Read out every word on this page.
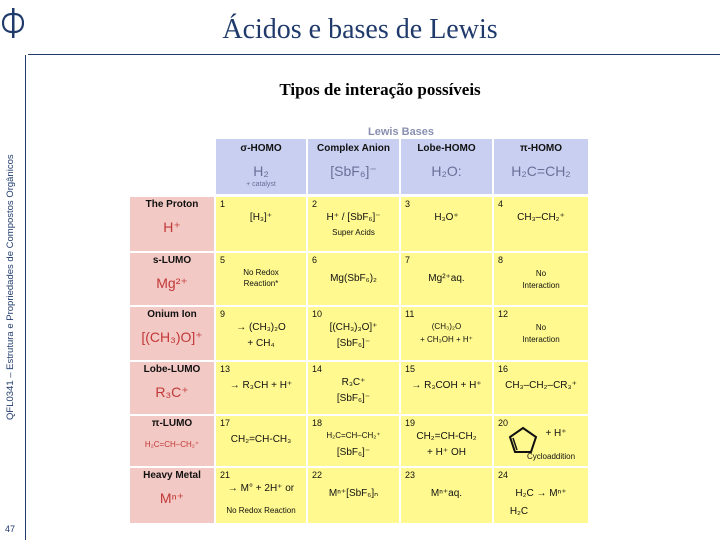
QFL0341 – Estrutura e Propriedades de Compostos Orgânicos
47
Ácidos e bases de Lewis
Tipos de interação possíveis
Lewis Bases
σ-HOMO
H₂
+ catalyst
Complex Anion
[SbF₆]⁻
Lobe-HOMO
H₂O:
π-HOMO
H₂C=CH₂
The Proton
H⁺
1
[H₃]⁺
2
H⁺ / [SbF₆]⁻
Super Acids
3
H₃O⁺
4
CH₃–CH₂⁺
s-LUMO
Mg²⁺
5
No Redox
Reaction*
6
Mg(SbF₆)₂
7
Mg²⁺aq.
8
No
Interaction
Onium Ion
[(CH₃)O]⁺
9
→ (CH₃)₂O
+ CH₄
10
[(CH₃)₃O]⁺
[SbF₆]⁻
11
(CH₃)₂O
+ CH₃OH + H⁺
12
No
Interaction
Lobe-LUMO
R₃C⁺
13
→ R₃CH + H⁺
14
R₃C⁺
[SbF₆]⁻
15
→ R₃COH + H⁺
16
CH₃–CH₂–CR₃⁺
π-LUMO
H₂C=CH–CH₂⁺
17
CH₂=CH-CH₃
18
H₂C=CH–CH₂⁺
[SbF₆]⁻
19
CH₂=CH-CH₂
+ H⁺ OH
20
+ H⁺
Cycloaddition
Heavy Metal
Mⁿ⁺
21
→ M° + 2H⁺ or
No Redox Reaction
22
Mⁿ⁺[SbF₆]ₙ
23
Mⁿ⁺aq.
24
H₂C → Mⁿ⁺
H₂C
